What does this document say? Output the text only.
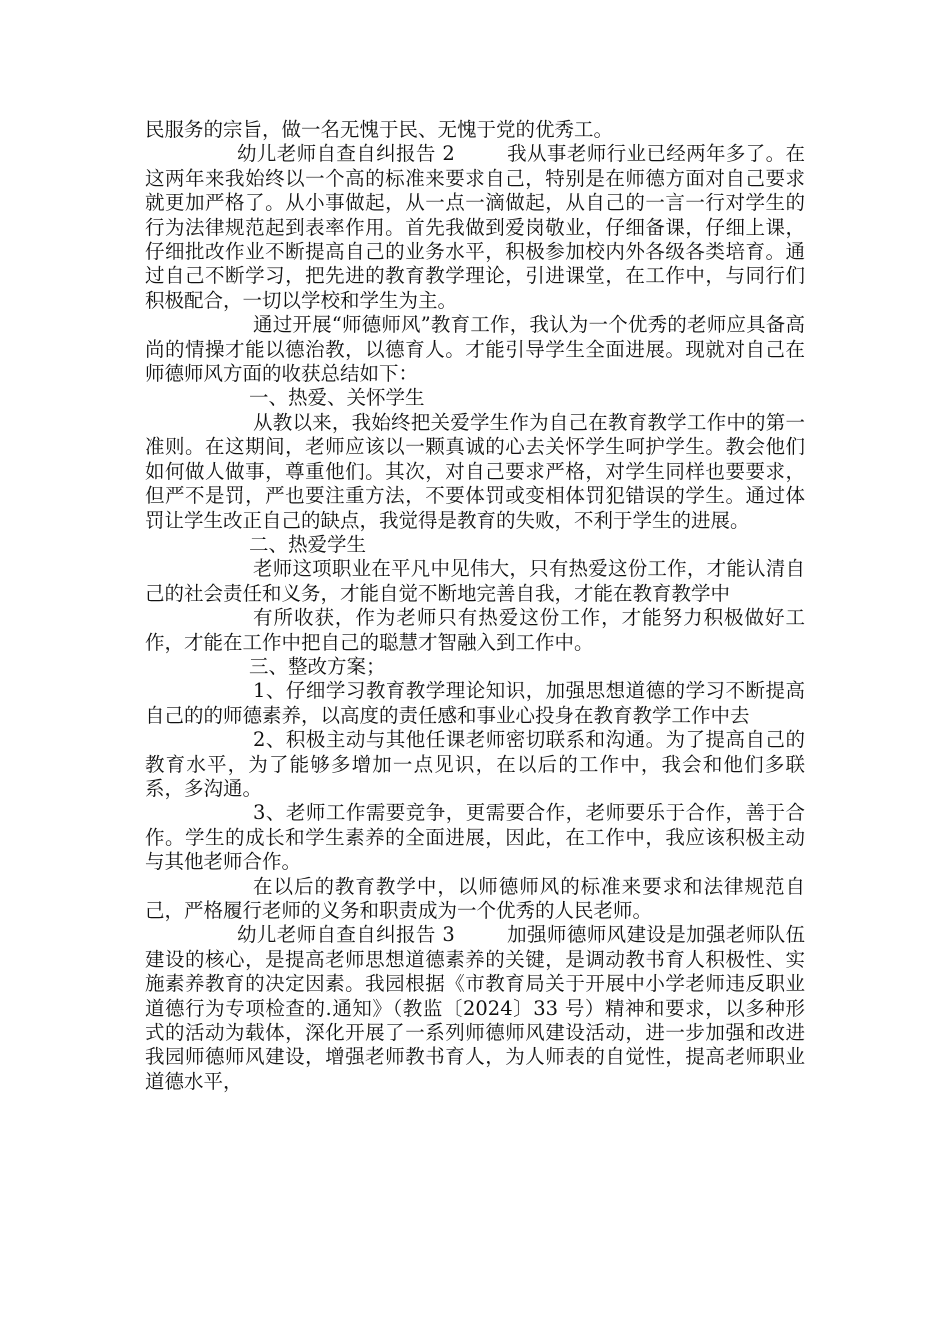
民服务的宗旨，做一名无愧于民、无愧于党的优秀工。

幼儿老师自查自纠报告 2	我从事老师行业已经两年多了。在这两年来我始终以一个高的标准来要求自己，特别是在师德方面对自己要求就更加严格了。从小事做起，从一点一滴做起，从自己的一言一行对学生的行为法律规范起到表率作用。首先我做到爱岗敬业，仔细备课，仔细上课，仔细批改作业不断提高自己的业务水平，积极参加校内外各级各类培育。通过自己不断学习，把先进的教育教学理论，引进课堂，在工作中，与同行们积极配合，一切以学校和学生为主。

通过开展“师德师风”教育工作，我认为一个优秀的老师应具备高尚的情操才能以德治教，以德育人。才能引导学生全面进展。现就对自己在师德师风方面的收获总结如下：

一、热爱、关怀学生

从教以来，我始终把关爱学生作为自己在教育教学工作中的第一准则。在这期间，老师应该以一颗真诚的心去关怀学生呵护学生。教会他们如何做人做事，尊重他们。其次，对自己要求严格，对学生同样也要要求，但严不是罚，严也要注重方法，不要体罚或变相体罚犯错误的学生。通过体罚让学生改正自己的缺点，我觉得是教育的失败，不利于学生的进展。

二、热爱学生

老师这项职业在平凡中见伟大，只有热爱这份工作，才能认清自己的社会责任和义务，才能自觉不断地完善自我，才能在教育教学中

有所收获，作为老师只有热爱这份工作，才能努力积极做好工作，才能在工作中把自己的聪慧才智融入到工作中。

三、整改方案；

1、仔细学习教育教学理论知识，加强思想道德的学习不断提高自己的的师德素养，以高度的责任感和事业心投身在教育教学工作中去

2、积极主动与其他任课老师密切联系和沟通。为了提高自己的教育水平，为了能够多增加一点见识，在以后的工作中，我会和他们多联系，多沟通。

3、老师工作需要竞争，更需要合作，老师要乐于合作，善于合作。学生的成长和学生素养的全面进展，因此，在工作中，我应该积极主动与其他老师合作。

在以后的教育教学中，以师德师风的标准来要求和法律规范自己，严格履行老师的义务和职责成为一个优秀的人民老师。

幼儿老师自查自纠报告 3	加强师德师风建设是加强老师队伍建设的核心，是提高老师思想道德素养的关键，是调动教书育人积极性、实施素养教育的决定因素。我园根据《市教育局关于开展中小学老师违反职业道德行为专项检查的.通知》（教监〔2024〕33 号）精神和要求，以多种形式的活动为载体，深化开展了一系列师德师风建设活动，进一步加强和改进我园师德师风建设，增强老师教书育人，为人师表的自觉性，提高老师职业道德水平，
